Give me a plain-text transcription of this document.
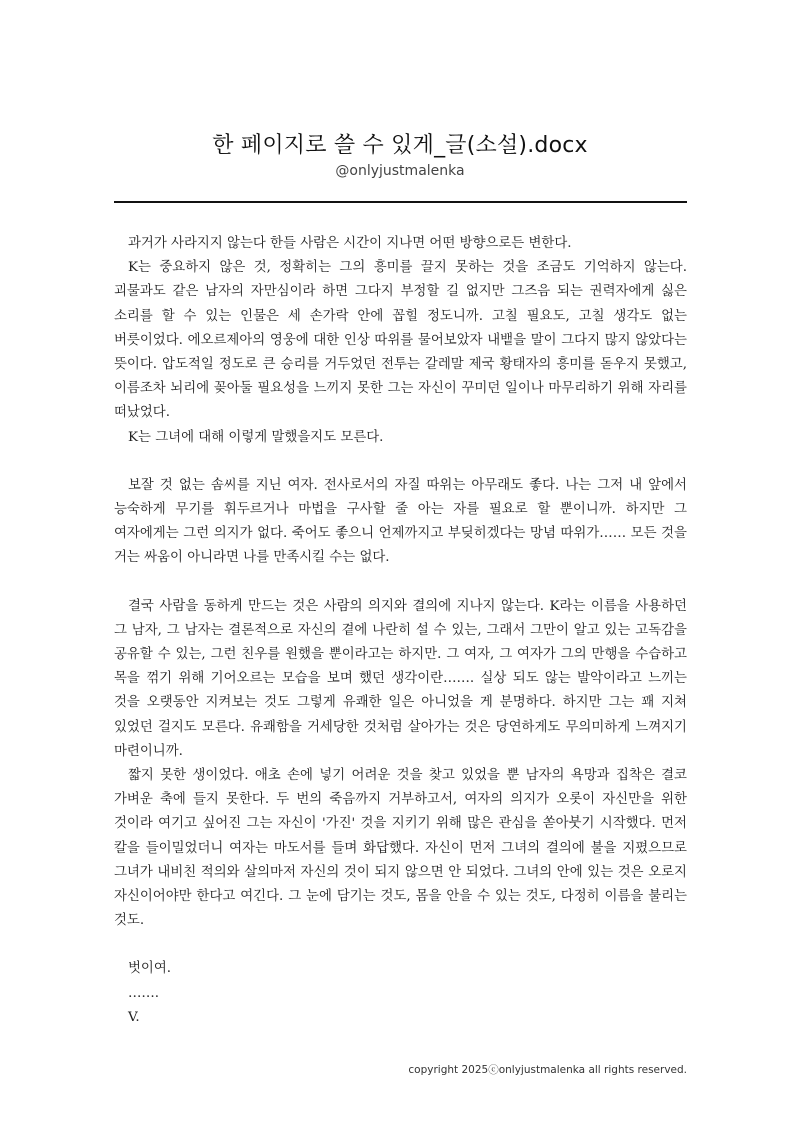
한 페이지로 쓸 수 있게_글(소설).docx
@onlyjustmalenka

과거가 사라지지 않는다 한들 사람은 시간이 지나면 어떤 방향으로든 변한다.

K는 중요하지 않은 것, 정확히는 그의 흥미를 끌지 못하는 것을 조금도 기억하지 않는다. 괴물과도 같은 남자의 자만심이라 하면 그다지 부정할 길 없지만 그즈음 되는 권력자에게 싫은 소리를 할 수 있는 인물은 세 손가락 안에 꼽힐 정도니까. 고칠 필요도, 고칠 생각도 없는 버릇이었다. 에오르제아의 영웅에 대한 인상 따위를 물어보았자 내뱉을 말이 그다지 많지 않았다는 뜻이다. 압도적일 정도로 큰 승리를 거두었던 전투는 갈레말 제국 황태자의 흥미를 돋우지 못했고, 이름조차 뇌리에 꽂아둘 필요성을 느끼지 못한 그는 자신이 꾸미던 일이나 마무리하기 위해 자리를 떠났었다.

K는 그녀에 대해 이렇게 말했을지도 모른다.

보잘 것 없는 솜씨를 지닌 여자. 전사로서의 자질 따위는 아무래도 좋다. 나는 그저 내 앞에서 능숙하게 무기를 휘두르거나 마법을 구사할 줄 아는 자를 필요로 할 뿐이니까. 하지만 그 여자에게는 그런 의지가 없다. 죽어도 좋으니 언제까지고 부딪히겠다는 망념 따위가…… 모든 것을 거는 싸움이 아니라면 나를 만족시킬 수는 없다.

결국 사람을 동하게 만드는 것은 사람의 의지와 결의에 지나지 않는다. K라는 이름을 사용하던 그 남자, 그 남자는 결론적으로 자신의 곁에 나란히 설 수 있는, 그래서 그만이 알고 있는 고독감을 공유할 수 있는, 그런 친우를 원했을 뿐이라고는 하지만. 그 여자, 그 여자가 그의 만행을 수습하고 목을 꺾기 위해 기어오르는 모습을 보며 했던 생각이란……. 실상 되도 않는 발악이라고 느끼는 것을 오랫동안 지켜보는 것도 그렇게 유쾌한 일은 아니었을 게 분명하다. 하지만 그는 꽤 지쳐 있었던 걸지도 모른다. 유쾌함을 거세당한 것처럼 살아가는 것은 당연하게도 무의미하게 느껴지기 마련이니까.

짧지 못한 생이었다. 애초 손에 넣기 어려운 것을 찾고 있었을 뿐 남자의 욕망과 집착은 결코 가벼운 축에 들지 못한다. 두 번의 죽음까지 거부하고서, 여자의 의지가 오롯이 자신만을 위한 것이라 여기고 싶어진 그는 자신이 '가진' 것을 지키기 위해 많은 관심을 쏟아붓기 시작했다. 먼저 칼을 들이밀었더니 여자는 마도서를 들며 화답했다. 자신이 먼저 그녀의 결의에 불을 지폈으므로 그녀가 내비친 적의와 살의마저 자신의 것이 되지 않으면 안 되었다. 그녀의 안에 있는 것은 오로지 자신이어야만 한다고 여긴다. 그 눈에 담기는 것도, 몸을 안을 수 있는 것도, 다정히 이름을 불리는 것도.

벗이여.

…….

V.

copyright 2025ⓒonlyjustmalenka all rights reserved.
